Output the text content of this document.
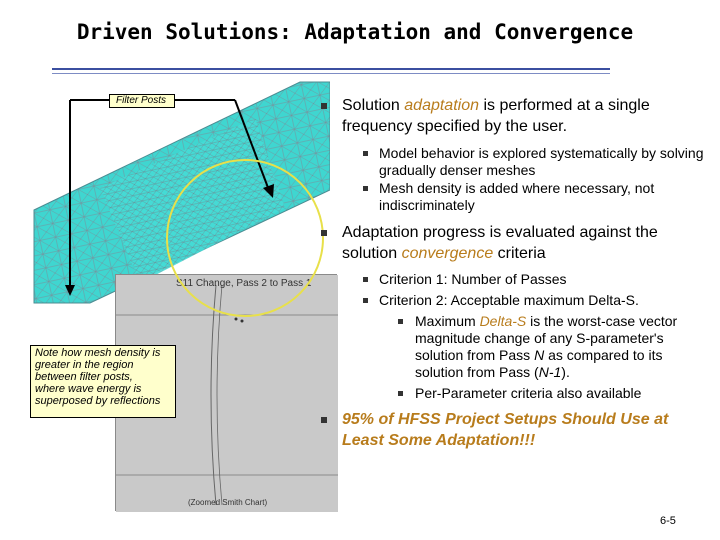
Driven Solutions: Adaptation and Convergence
S11 Change, Pass 2 to Pass 1
(Zoomed Smith Chart)
Filter Posts
Note how mesh density is
greater in the region
between filter posts,
where wave energy is
superposed by reflections
Solution adaptation is performed at a single frequency specified by the user.
Model behavior is explored systematically by solving gradually denser meshes
Mesh density is added where necessary, not indiscriminately
Adaptation progress is evaluated against the solution convergence criteria
Criterion 1: Number of Passes
Criterion 2: Acceptable maximum Delta-S.
Maximum Delta-S is the worst-case vector magnitude change of any S-parameter's solution from Pass N as compared to its solution from Pass (N-1).
Per-Parameter criteria also available
95% of HFSS Project Setups Should Use at Least Some Adaptation!!!
6-5
